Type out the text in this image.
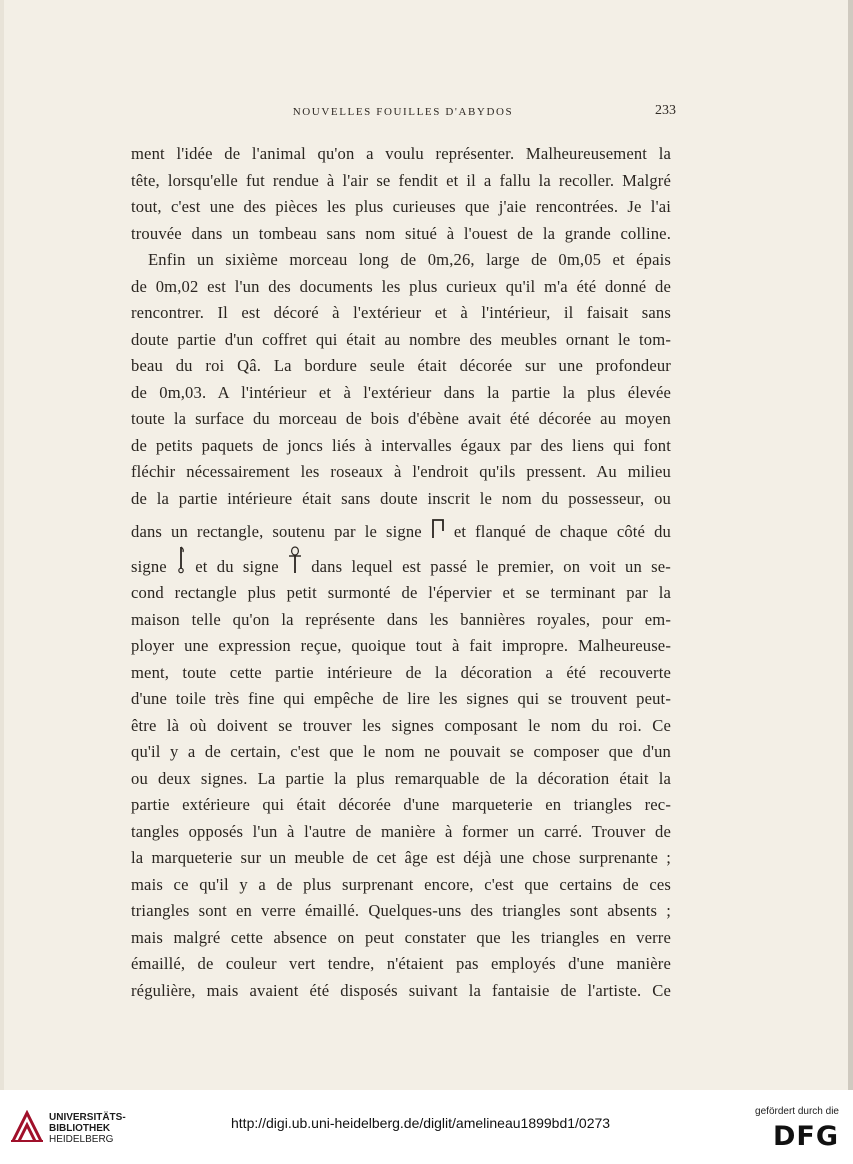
NOUVELLES FOUILLES D'ABYDOS	233
ment l'idée de l'animal qu'on a voulu représenter. Malheureusement la
tête, lorsqu'elle fut rendue à l'air se fendit et il a fallu la recoller. Malgré
tout, c'est une des pièces les plus curieuses que j'aie rencontrées. Je l'ai
trouvée dans un tombeau sans nom situé à l'ouest de la grande colline.
Enfin un sixième morceau long de 0m,26, large de 0m,05 et épais
de 0m,02 est l'un des documents les plus curieux qu'il m'a été donné de
rencontrer. Il est décoré à l'extérieur et à l'intérieur, il faisait sans
doute partie d'un coffret qui était au nombre des meubles ornant le tom-
beau du roi Qâ. La bordure seule était décorée sur une profondeur
de 0m,03. A l'intérieur et à l'extérieur dans la partie la plus élevée
toute la surface du morceau de bois d'ébène avait été décorée au moyen
de petits paquets de joncs liés à intervalles égaux par des liens qui font
fléchir nécessairement les roseaux à l'endroit qu'ils pressent. Au milieu
de la partie intérieure était sans doute inscrit le nom du possesseur, ou
dans un rectangle, soutenu par le signe et flanqué de chaque côté du
signe et du signe dans lequel est passé le premier, on voit un se-
cond rectangle plus petit surmonté de l'épervier et se terminant par la
maison telle qu'on la représente dans les bannières royales, pour em-
ployer une expression reçue, quoique tout à fait impropre. Malheureuse-
ment, toute cette partie intérieure de la décoration a été recouverte
d'une toile très fine qui empêche de lire les signes qui se trouvent peut-
être là où doivent se trouver les signes composant le nom du roi. Ce
qu'il y a de certain, c'est que le nom ne pouvait se composer que d'un
ou deux signes. La partie la plus remarquable de la décoration était la
partie extérieure qui était décorée d'une marqueterie en triangles rec-
tangles opposés l'un à l'autre de manière à former un carré. Trouver de
la marqueterie sur un meuble de cet âge est déjà une chose surprenante ;
mais ce qu'il y a de plus surprenant encore, c'est que certains de ces
triangles sont en verre émaillé. Quelques-uns des triangles sont absents ;
mais malgré cette absence on peut constater que les triangles en verre
émaillé, de couleur vert tendre, n'étaient pas employés d'une manière
régulière, mais avaient été disposés suivant la fantaisie de l'artiste. Ce
UNIVERSITÄTS-
BIBLIOTHEK
HEIDELBERG
http://digi.ub.uni-heidelberg.de/diglit/amelineau1899bd1/0273
gefördert durch die
DFG
